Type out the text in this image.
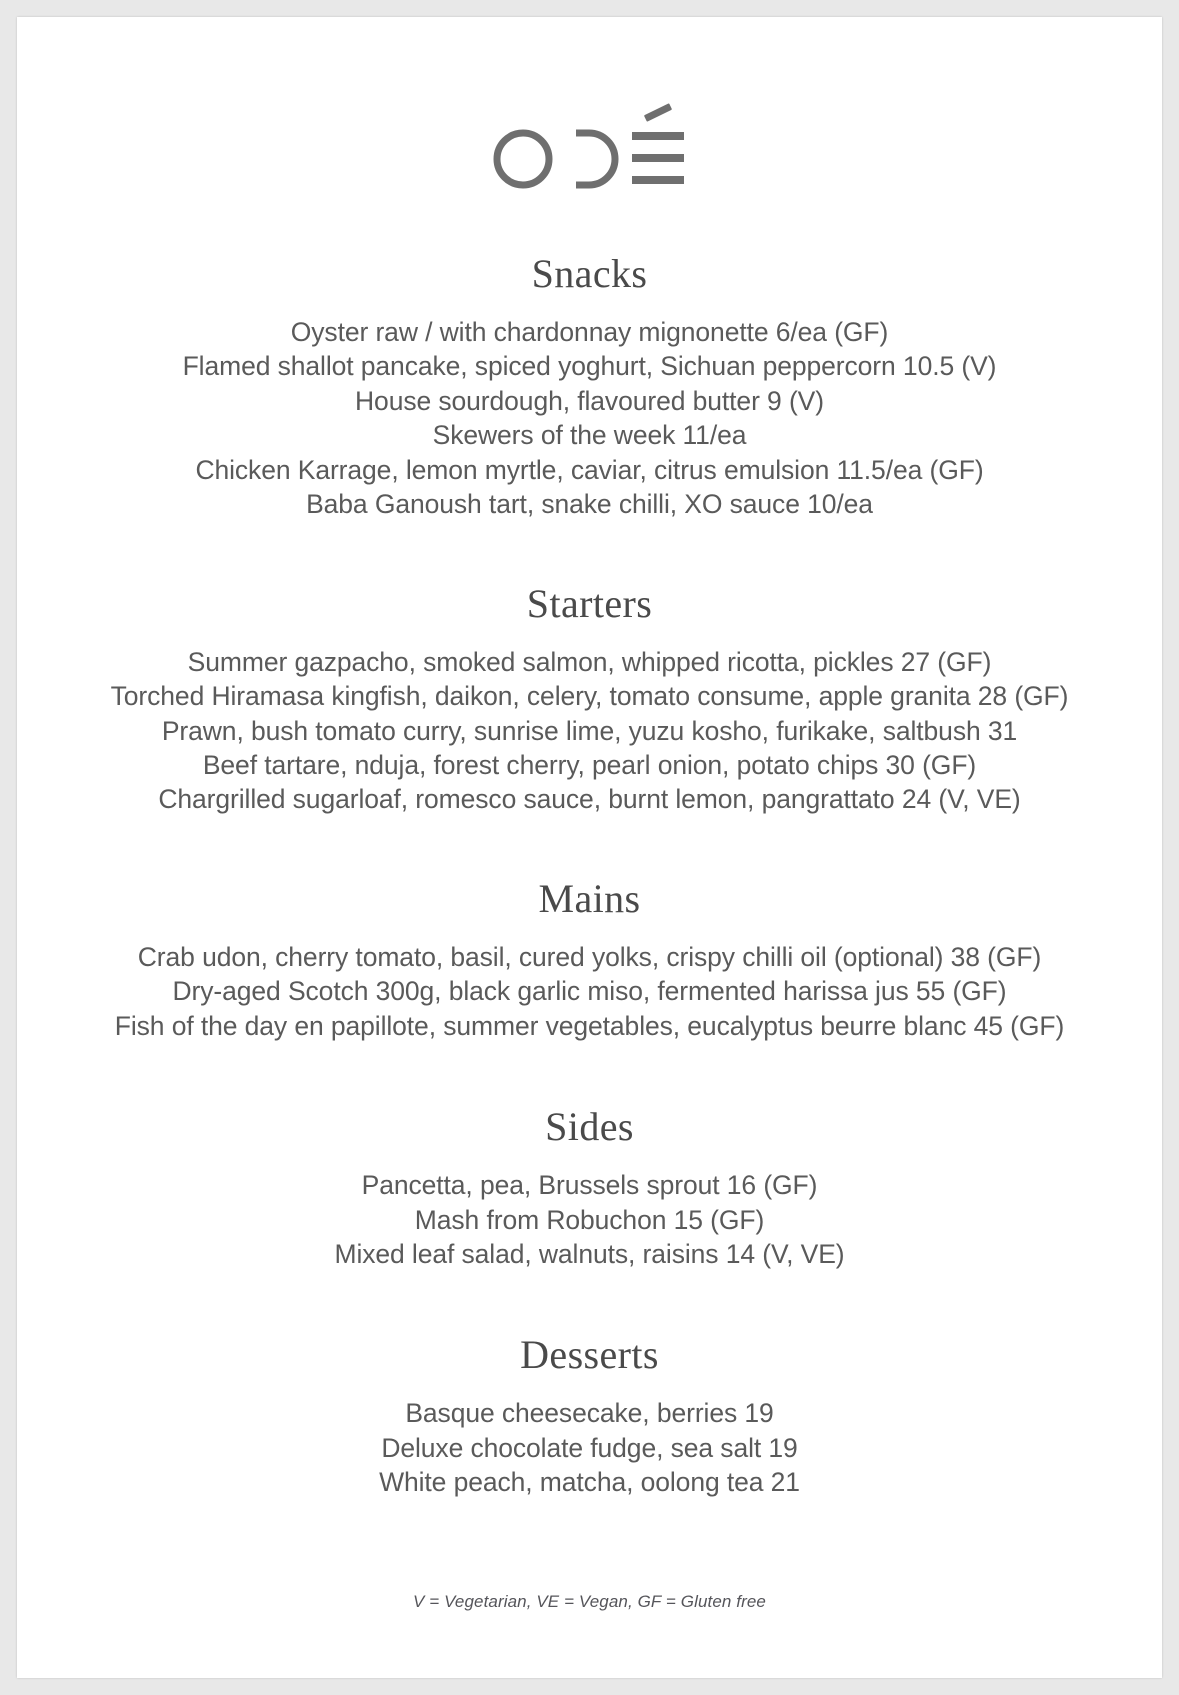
Snacks
Oyster raw / with chardonnay mignonette 6/ea (GF)
Flamed shallot pancake, spiced yoghurt, Sichuan peppercorn 10.5 (V)
House sourdough, flavoured butter 9 (V)
Skewers of the week 11/ea
Chicken Karrage, lemon myrtle, caviar, citrus emulsion 11.5/ea (GF)
Baba Ganoush tart, snake chilli, XO sauce 10/ea
Starters
Summer gazpacho, smoked salmon, whipped ricotta, pickles 27 (GF)
Torched Hiramasa kingfish, daikon, celery, tomato consume, apple granita 28 (GF)
Prawn, bush tomato curry, sunrise lime, yuzu kosho, furikake, saltbush 31
Beef tartare, nduja, forest cherry, pearl onion, potato chips 30 (GF)
Chargrilled sugarloaf, romesco sauce, burnt lemon, pangrattato 24 (V, VE)
Mains
Crab udon, cherry tomato, basil, cured yolks, crispy chilli oil (optional) 38 (GF)
Dry-aged Scotch 300g, black garlic miso, fermented harissa jus 55 (GF)
Fish of the day en papillote, summer vegetables, eucalyptus beurre blanc 45 (GF)
Sides
Pancetta, pea, Brussels sprout 16 (GF)
Mash from Robuchon 15 (GF)
Mixed leaf salad, walnuts, raisins 14 (V, VE)
Desserts
Basque cheesecake, berries 19
Deluxe chocolate fudge, sea salt 19
White peach, matcha, oolong tea 21
V = Vegetarian, VE = Vegan, GF = Gluten free
